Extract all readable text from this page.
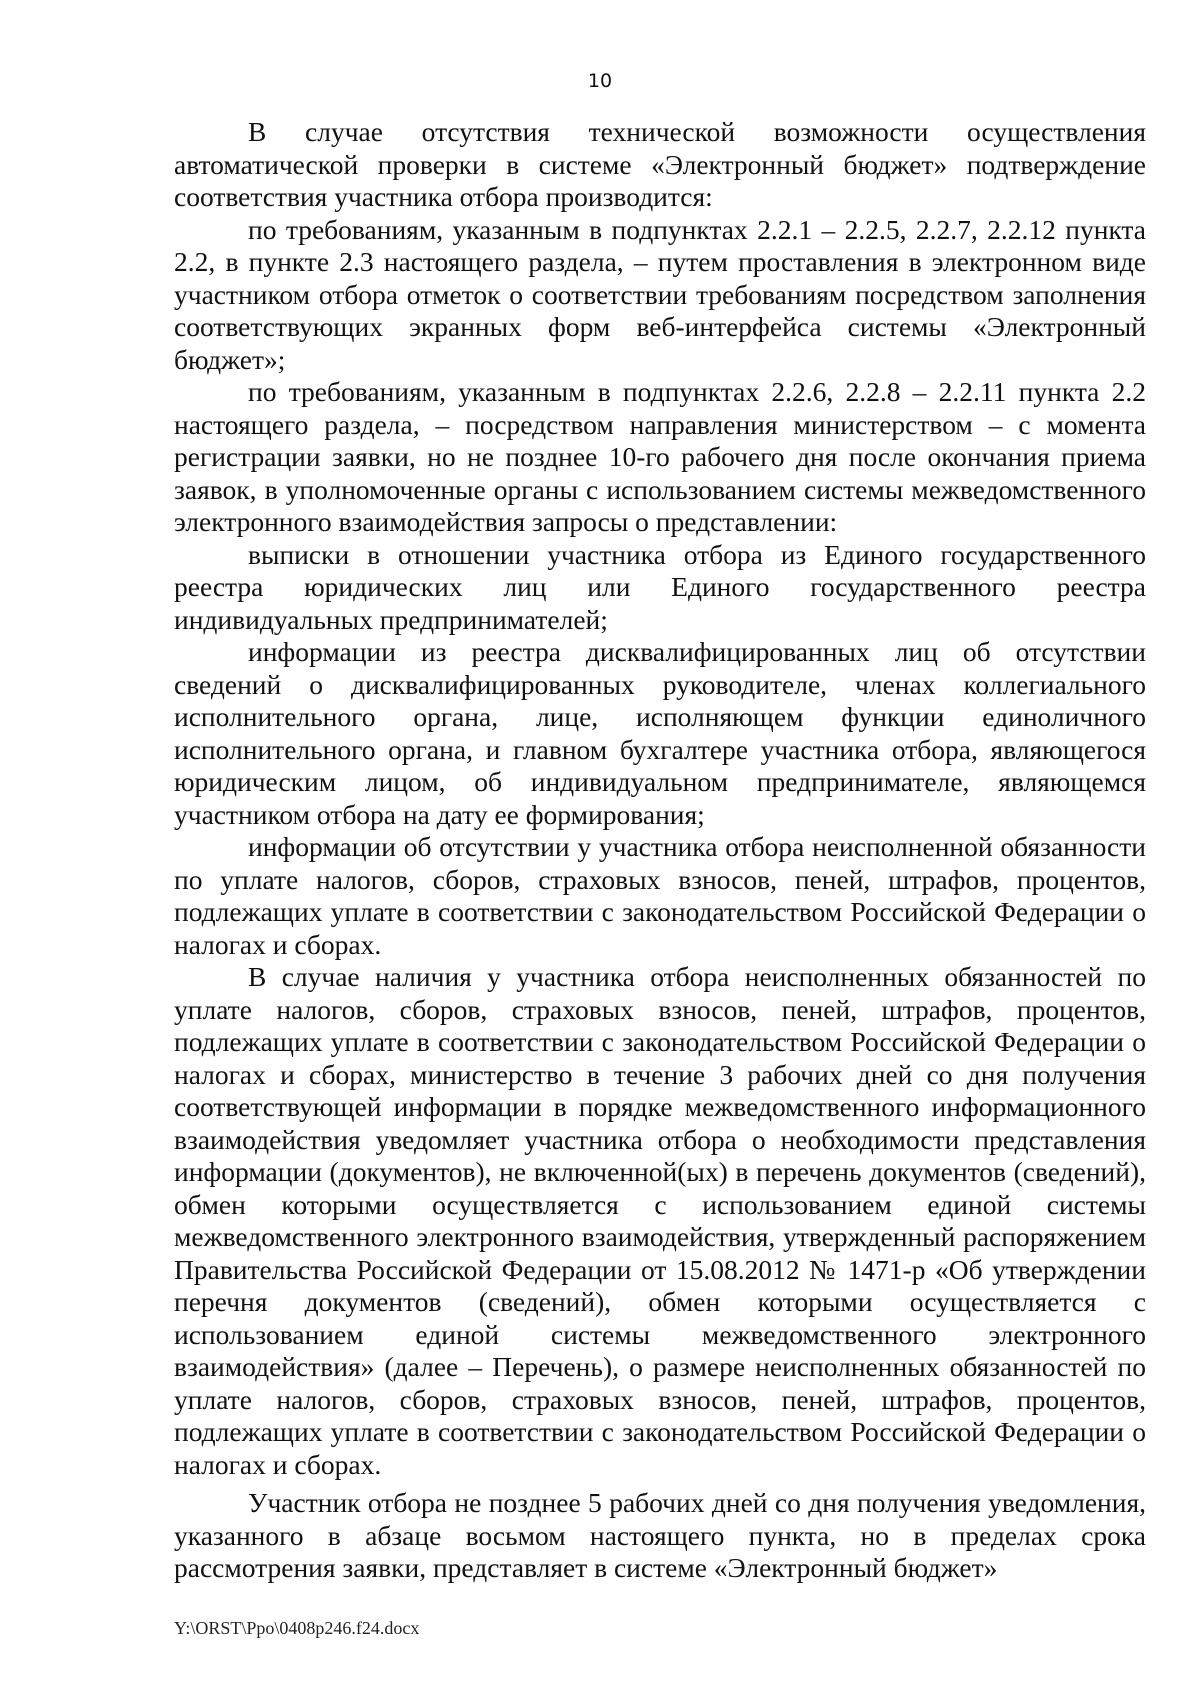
10

В случае отсутствия технической возможности осуществления автоматической проверки в системе «Электронный бюджет» подтверждение соответствия участника отбора производится:

по требованиям, указанным в подпунктах 2.2.1 – 2.2.5, 2.2.7, 2.2.12 пункта 2.2, в пункте 2.3 настоящего раздела, – путем проставления в электронном виде участником отбора отметок о соответствии требованиям посредством заполнения соответствующих экранных форм веб-интерфейса системы «Электронный бюджет»;

по требованиям, указанным в подпунктах 2.2.6, 2.2.8 – 2.2.11 пункта 2.2 настоящего раздела, – посредством направления министерством – с момента регистрации заявки, но не позднее 10-го рабочего дня после окончания приема заявок, в уполномоченные органы с использованием системы межведомственного электронного взаимодействия запросы о представлении:

выписки в отношении участника отбора из Единого государственного реестра юридических лиц или Единого государственного реестра индивидуальных предпринимателей;

информации из реестра дисквалифицированных лиц об отсутствии сведений о дисквалифицированных руководителе, членах коллегиального исполнительного органа, лице, исполняющем функции единоличного исполнительного органа, и главном бухгалтере участника отбора, являющегося юридическим лицом, об индивидуальном предпринимателе, являющемся участником отбора на дату ее формирования;

информации об отсутствии у участника отбора неисполненной обязанности по уплате налогов, сборов, страховых взносов, пеней, штрафов, процентов, подлежащих уплате в соответствии с законодательством Российской Федерации о налогах и сборах.

В случае наличия у участника отбора неисполненных обязанностей по уплате налогов, сборов, страховых взносов, пеней, штрафов, процентов, подлежащих уплате в соответствии с законодательством Российской Федерации о налогах и сборах, министерство в течение 3 рабочих дней со дня получения соответствующей информации в порядке межведомственного информационного взаимодействия уведомляет участника отбора о необходимости представления информации (документов), не включенной(ых) в перечень документов (сведений), обмен которыми осуществляется с использованием единой системы межведомственного электронного взаимодействия, утвержденный распоряжением Правительства Российской Федерации от 15.08.2012 № 1471-р «Об утверждении перечня документов (сведений), обмен которыми осуществляется с использованием единой системы межведомственного электронного взаимодействия» (далее – Перечень), о размере неисполненных обязанностей по уплате налогов, сборов, страховых взносов, пеней, штрафов, процентов, подлежащих уплате в соответствии с законодательством Российской Федерации о налогах и сборах.

Участник отбора не позднее 5 рабочих дней со дня получения уведомления, указанного в абзаце восьмом настоящего пункта, но в пределах срока рассмотрения заявки, представляет в системе «Электронный бюджет»

Y:\ORST\Ppo\0408p246.f24.docx
